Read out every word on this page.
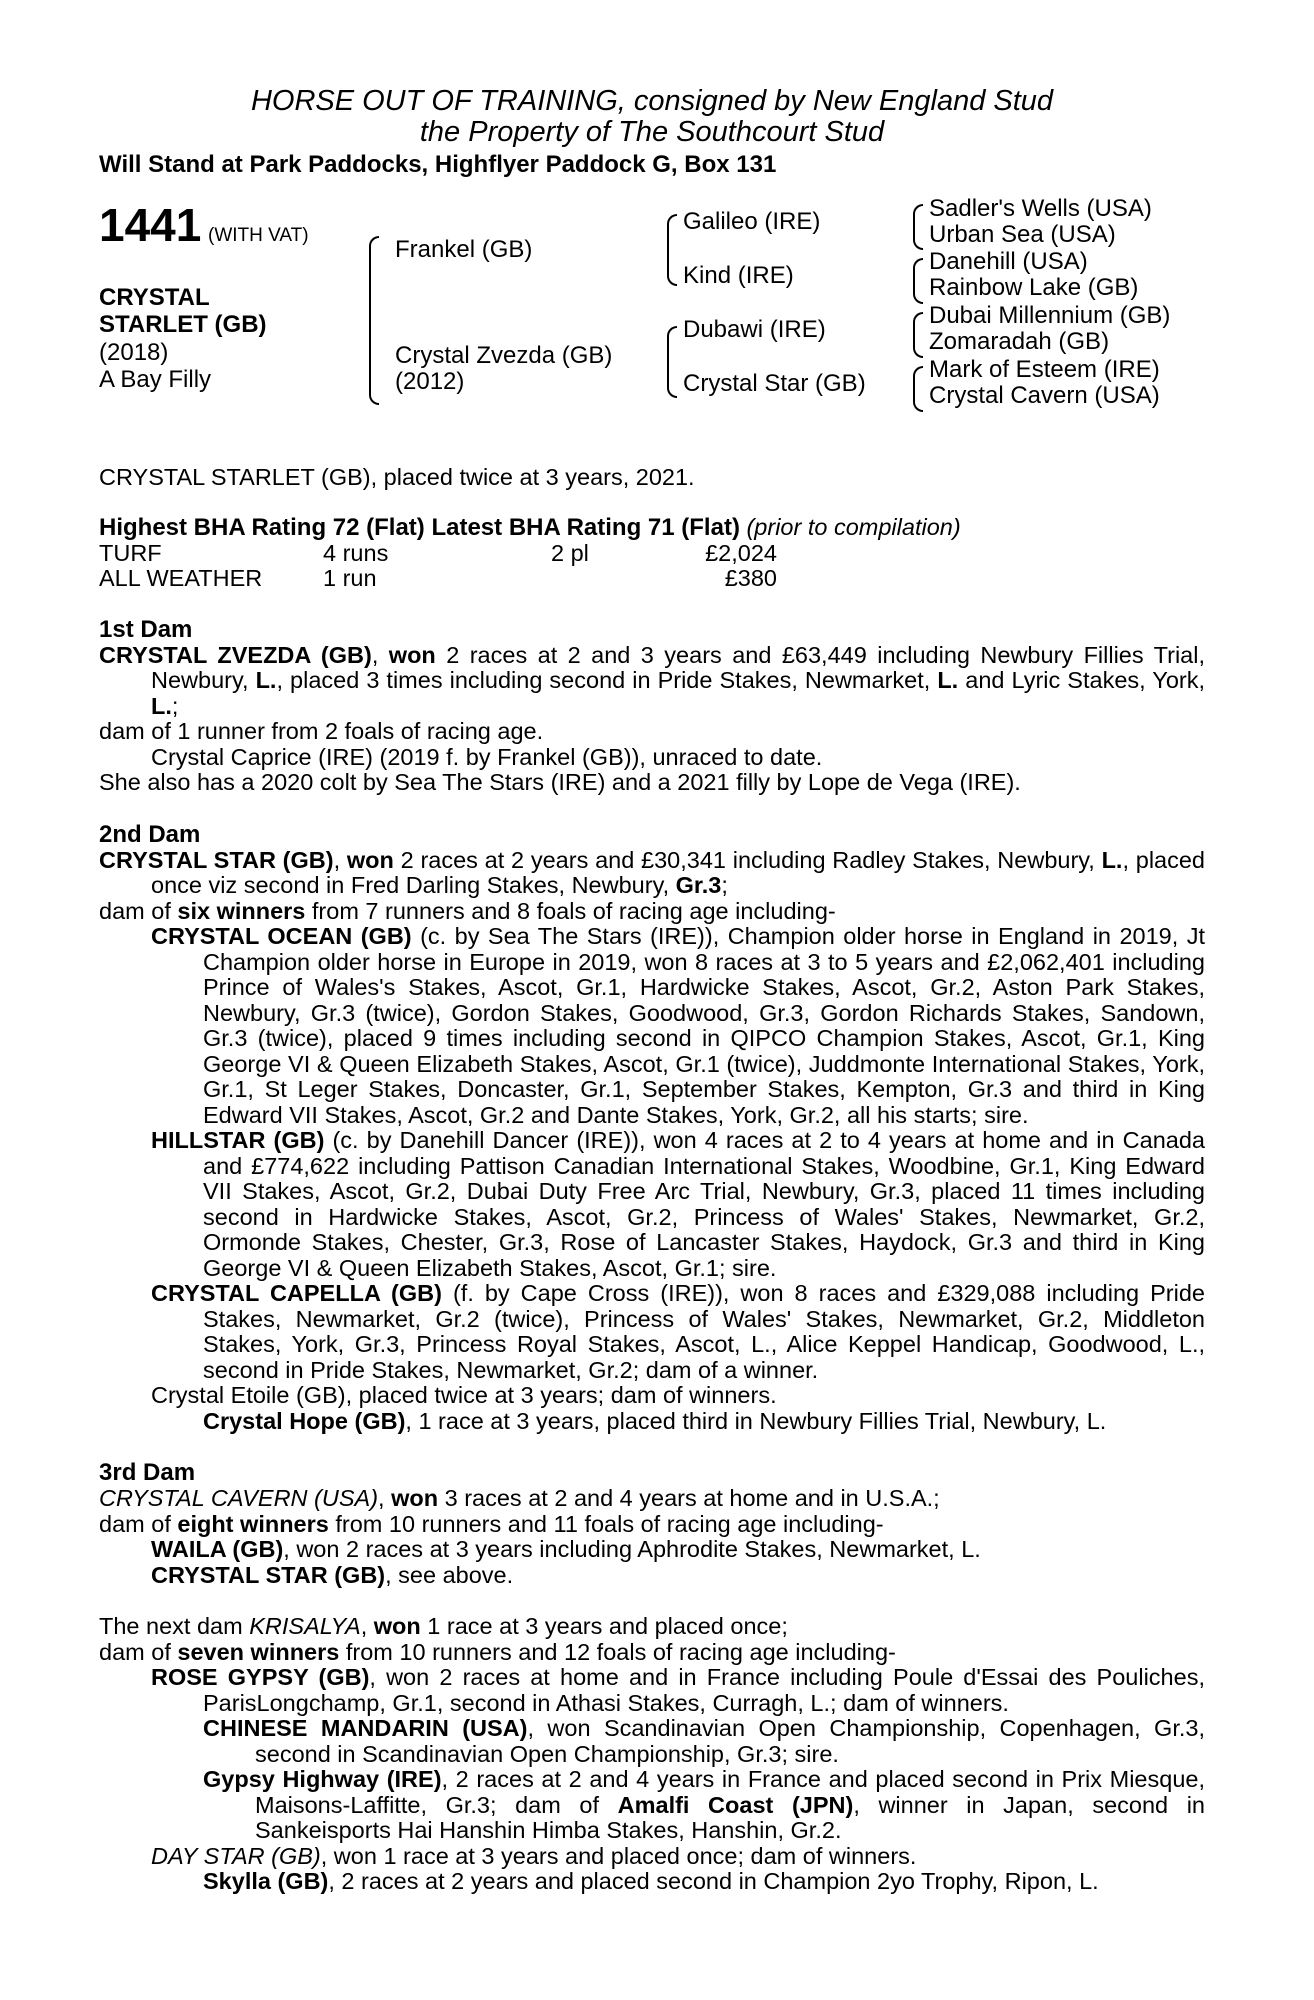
HORSE OUT OF TRAINING, consigned by New England Stud
the Property of The Southcourt Stud
Will Stand at Park Paddocks, Highflyer Paddock G, Box 131
1441 (WITH VAT)
CRYSTAL
STARLET (GB)
(2018)
A Bay Filly
Frankel (GB)
Crystal Zvezda (GB)
(2012)
Galileo (IRE)
Kind (IRE)
Dubawi (IRE)
Crystal Star (GB)
Sadler's Wells (USA)
Urban Sea (USA)
Danehill (USA)
Rainbow Lake (GB)
Dubai Millennium (GB)
Zomaradah (GB)
Mark of Esteem (IRE)
Crystal Cavern (USA)
CRYSTAL STARLET (GB), placed twice at 3 years, 2021.
Highest BHA Rating 72 (Flat) Latest BHA Rating 71 (Flat) (prior to compilation)
TURF	4 runs	2 pl	£2,024
ALL WEATHER	1 run		£380
1st Dam
CRYSTAL ZVEZDA (GB), won 2 races at 2 and 3 years and £63,449 including Newbury Fillies Trial, Newbury, L., placed 3 times including second in Pride Stakes, Newmarket, L. and Lyric Stakes, York, L.;
dam of 1 runner from 2 foals of racing age.
Crystal Caprice (IRE) (2019 f. by Frankel (GB)), unraced to date.
She also has a 2020 colt by Sea The Stars (IRE) and a 2021 filly by Lope de Vega (IRE).
2nd Dam
CRYSTAL STAR (GB), won 2 races at 2 years and £30,341 including Radley Stakes, Newbury, L., placed once viz second in Fred Darling Stakes, Newbury, Gr.3;
dam of six winners from 7 runners and 8 foals of racing age including-
CRYSTAL OCEAN (GB) (c. by Sea The Stars (IRE)), Champion older horse in England in 2019, Jt Champion older horse in Europe in 2019, won 8 races at 3 to 5 years and £2,062,401 including Prince of Wales's Stakes, Ascot, Gr.1, Hardwicke Stakes, Ascot, Gr.2, Aston Park Stakes, Newbury, Gr.3 (twice), Gordon Stakes, Goodwood, Gr.3, Gordon Richards Stakes, Sandown, Gr.3 (twice), placed 9 times including second in QIPCO Champion Stakes, Ascot, Gr.1, King George VI & Queen Elizabeth Stakes, Ascot, Gr.1 (twice), Juddmonte International Stakes, York, Gr.1, St Leger Stakes, Doncaster, Gr.1, September Stakes, Kempton, Gr.3 and third in King Edward VII Stakes, Ascot, Gr.2 and Dante Stakes, York, Gr.2, all his starts; sire.
HILLSTAR (GB) (c. by Danehill Dancer (IRE)), won 4 races at 2 to 4 years at home and in Canada and £774,622 including Pattison Canadian International Stakes, Woodbine, Gr.1, King Edward VII Stakes, Ascot, Gr.2, Dubai Duty Free Arc Trial, Newbury, Gr.3, placed 11 times including second in Hardwicke Stakes, Ascot, Gr.2, Princess of Wales' Stakes, Newmarket, Gr.2, Ormonde Stakes, Chester, Gr.3, Rose of Lancaster Stakes, Haydock, Gr.3 and third in King George VI & Queen Elizabeth Stakes, Ascot, Gr.1; sire.
CRYSTAL CAPELLA (GB) (f. by Cape Cross (IRE)), won 8 races and £329,088 including Pride Stakes, Newmarket, Gr.2 (twice), Princess of Wales' Stakes, Newmarket, Gr.2, Middleton Stakes, York, Gr.3, Princess Royal Stakes, Ascot, L., Alice Keppel Handicap, Goodwood, L., second in Pride Stakes, Newmarket, Gr.2; dam of a winner.
Crystal Etoile (GB), placed twice at 3 years; dam of winners.
Crystal Hope (GB), 1 race at 3 years, placed third in Newbury Fillies Trial, Newbury, L.
3rd Dam
CRYSTAL CAVERN (USA), won 3 races at 2 and 4 years at home and in U.S.A.;
dam of eight winners from 10 runners and 11 foals of racing age including-
WAILA (GB), won 2 races at 3 years including Aphrodite Stakes, Newmarket, L.
CRYSTAL STAR (GB), see above.
The next dam KRISALYA, won 1 race at 3 years and placed once;
dam of seven winners from 10 runners and 12 foals of racing age including-
ROSE GYPSY (GB), won 2 races at home and in France including Poule d'Essai des Pouliches, ParisLongchamp, Gr.1, second in Athasi Stakes, Curragh, L.; dam of winners.
CHINESE MANDARIN (USA), won Scandinavian Open Championship, Copenhagen, Gr.3, second in Scandinavian Open Championship, Gr.3; sire.
Gypsy Highway (IRE), 2 races at 2 and 4 years in France and placed second in Prix Miesque, Maisons-Laffitte, Gr.3; dam of Amalfi Coast (JPN), winner in Japan, second in Sankeisports Hai Hanshin Himba Stakes, Hanshin, Gr.2.
DAY STAR (GB), won 1 race at 3 years and placed once; dam of winners.
Skylla (GB), 2 races at 2 years and placed second in Champion 2yo Trophy, Ripon, L.
